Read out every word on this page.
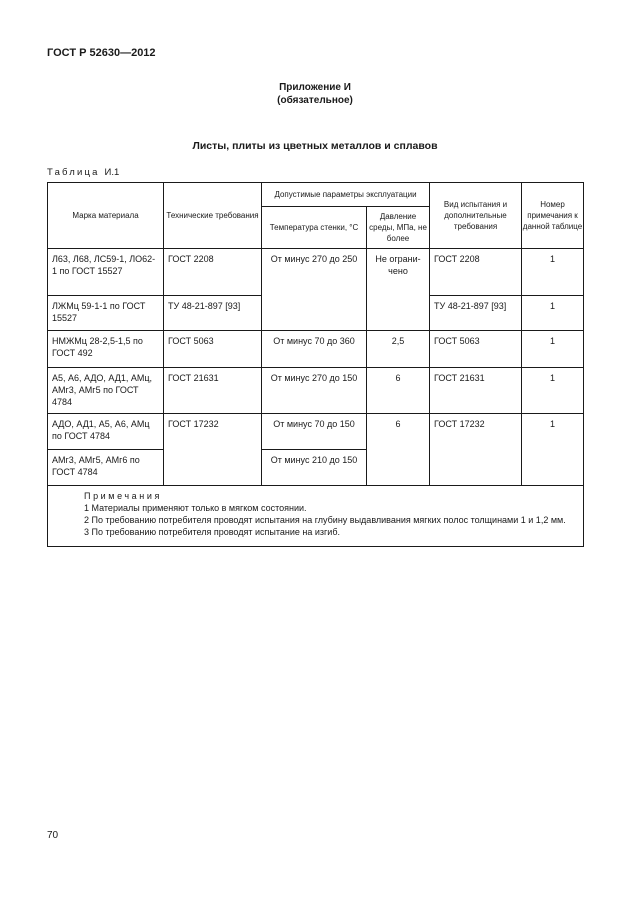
ГОСТ Р 52630—2012
Приложение И
(обязательное)
Листы, плиты из цветных металлов и сплавов
Таблица И.1
Марка материала	Технические требования	Допустимые параметры эксплуатации		Вид испытания и дополнительные требования	Номер примечания к данной таблице
		Температура стенки, °С	Давление среды, МПа, не более		

Л63, Л68, ЛС59-1, ЛО62-1 по ГОСТ 15527	ГОСТ 2208	От минус 270 до 250	Не ограни-чено	ГОСТ 2208	1

ЛЖМц 59-1-1 по ГОСТ 15527	ТУ 48-21-897 [93]			ТУ 48-21-897 [93]	1

НМЖМц 28-2,5-1,5 по ГОСТ 492	ГОСТ 5063	От минус 70 до 360	2,5	ГОСТ 5063	1

А5, А6, АДО, АД1, АМц, АМг3, АМг5 по ГОСТ 4784	ГОСТ 21631	От минус 270 до 150	6	ГОСТ 21631	1

АДО, АД1, А5, А6, АМц по ГОСТ 4784	ГОСТ 17232	От минус 70 до 150	6	ГОСТ 17232	1

АМг3, АМг5, АМг6 по ГОСТ 4784		От минус 210 до 150			

Примечания
1 Материалы применяют только в мягком состоянии.
2 По требованию потребителя проводят испытания на глубину выдавливания мягких полос толщинами 1 и 1,2 мм.
3 По требованию потребителя проводят испытание на изгиб.					
70
